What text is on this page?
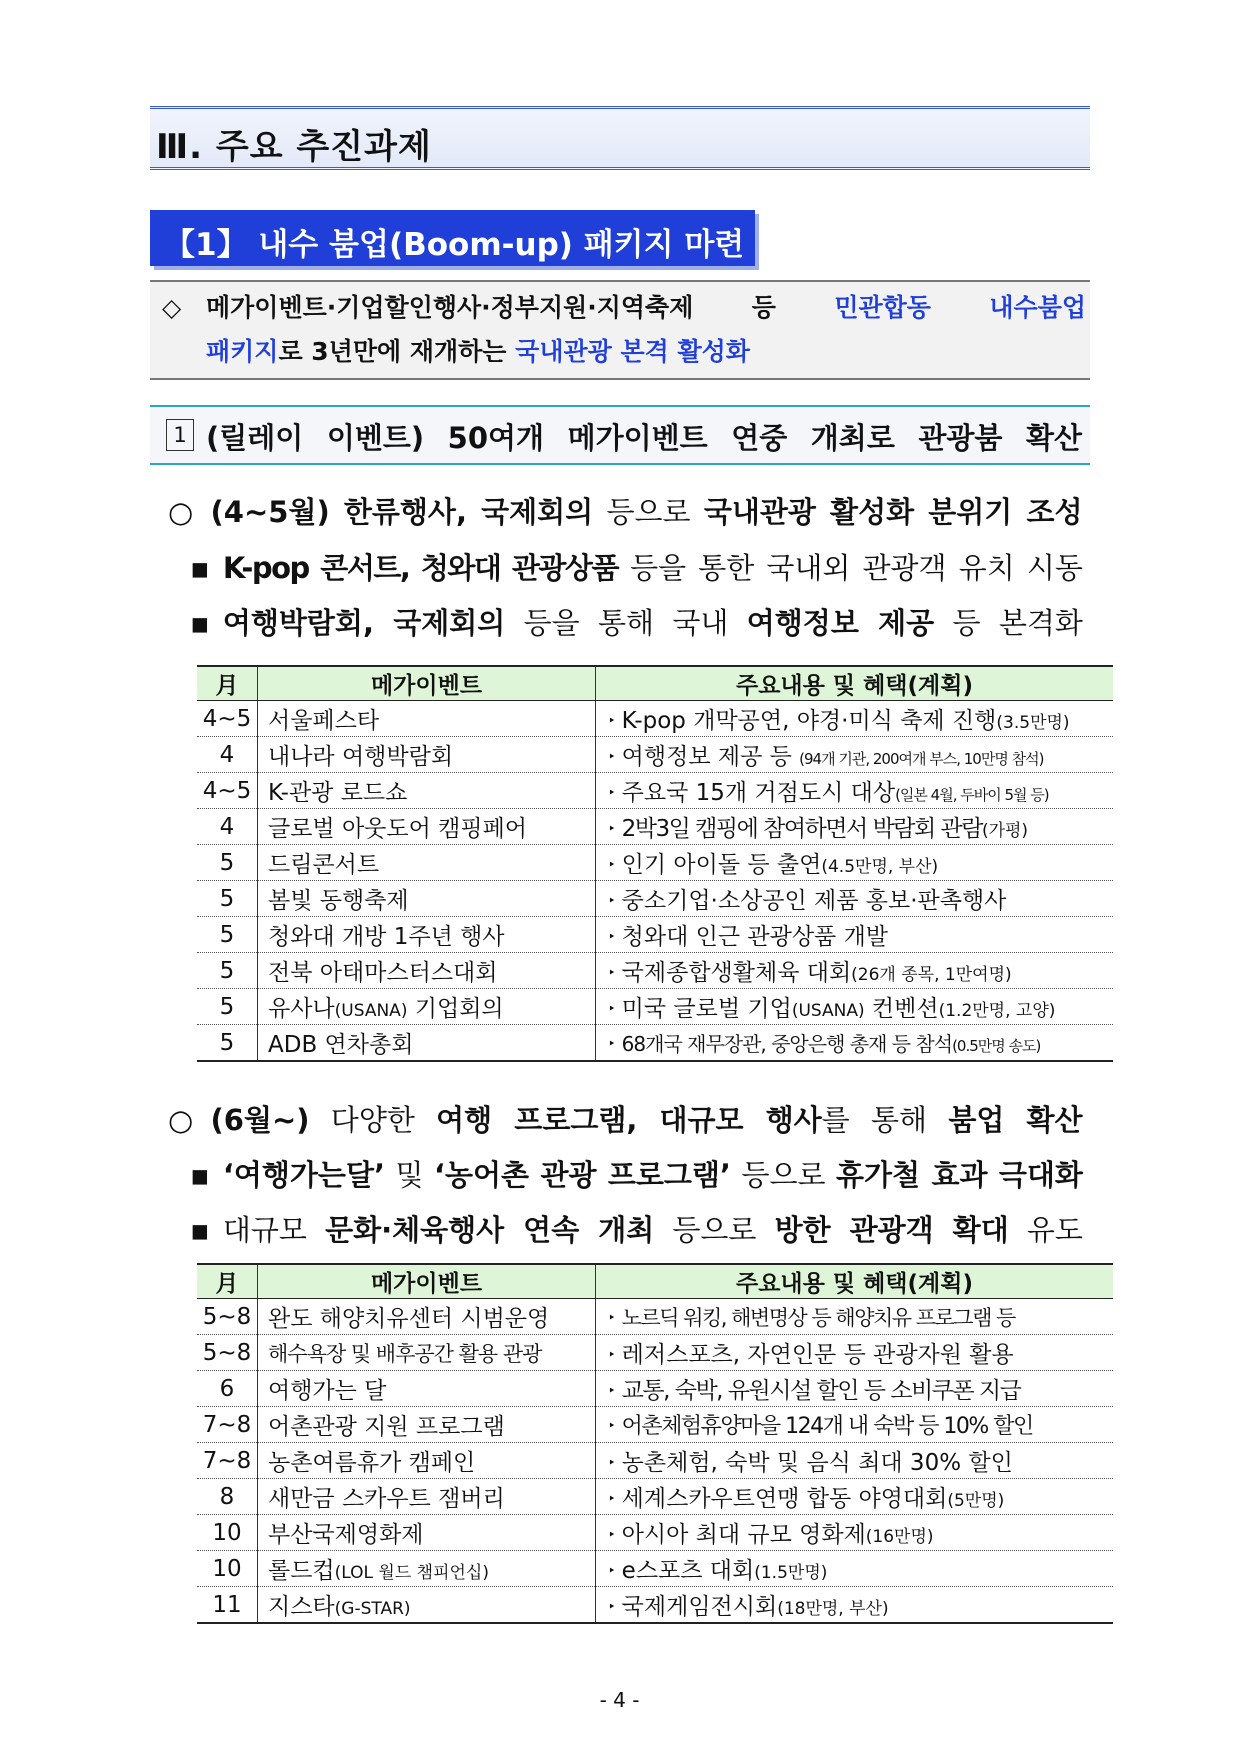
Ⅲ. 주요 추진과제
【1】 내수 붐업(Boom-up) 패키지 마련
◇ 메가이벤트·기업할인행사·정부지원·지역축제 등 민관합동 내수붐업
패키지로 3년만에 재개하는 국내관광 본격 활성화
1 (릴레이 이벤트) 50여개 메가이벤트 연중 개최로 관광붐 확산
○ (4~5월) 한류행사, 국제회의 등으로 국내관광 활성화 분위기 조성
▪ K-pop 콘서트, 청와대 관광상품 등을 통한 국내외 관광객 유치 시동
▪ 여행박람회, 국제회의 등을 통해 국내 여행정보 제공 등 본격화
月	메가이벤트	주요내용 및 혜택(계획)
4~5	서울페스타	‣ K-pop 개막공연, 야경·미식 축제 진행(3.5만명)
4	내나라 여행박람회	‣ 여행정보 제공 등 (94개 기관, 200여개 부스, 10만명 참석)
4~5	K-관광 로드쇼	‣ 주요국 15개 거점도시 대상(일본 4월, 두바이 5월 등)
4	글로벌 아웃도어 캠핑페어	‣ 2박3일 캠핑에 참여하면서 박람회 관람(가평)
5	드림콘서트	‣ 인기 아이돌 등 출연(4.5만명, 부산)
5	봄빛 동행축제	‣ 중소기업·소상공인 제품 홍보·판촉행사
5	청와대 개방 1주년 행사	‣ 청와대 인근 관광상품 개발
5	전북 아태마스터스대회	‣ 국제종합생활체육 대회(26개 종목, 1만여명)
5	유사나(USANA) 기업회의	‣ 미국 글로벌 기업(USANA) 컨벤션(1.2만명, 고양)
5	ADB 연차총회	‣ 68개국 재무장관, 중앙은행 총재 등 참석(0.5만명 송도)
○ (6월~) 다양한 여행 프로그램, 대규모 행사를 통해 붐업 확산
▪ ‘여행가는달’ 및 ‘농어촌 관광 프로그램’ 등으로 휴가철 효과 극대화
▪ 대규모 문화·체육행사 연속 개최 등으로 방한 관광객 확대 유도
月	메가이벤트	주요내용 및 혜택(계획)
5~8	완도 해양치유센터 시범운영	‣ 노르딕 워킹, 해변명상 등 해양치유 프로그램 등
5~8	해수욕장 및 배후공간 활용 관광	‣ 레저스포츠, 자연인문 등 관광자원 활용
6	여행가는 달	‣ 교통, 숙박, 유원시설 할인 등 소비쿠폰 지급
7~8	어촌관광 지원 프로그램	‣ 어촌체험휴양마을 124개 내 숙박 등 10% 할인
7~8	농촌여름휴가 캠페인	‣ 농촌체험, 숙박 및 음식 최대 30% 할인
8	새만금 스카우트 잼버리	‣ 세계스카우트연맹 합동 야영대회(5만명)
10	부산국제영화제	‣ 아시아 최대 규모 영화제(16만명)
10	롤드컵(LOL 월드 챔피언십)	‣ e스포츠 대회(1.5만명)
11	지스타(G-STAR)	‣ 국제게임전시회(18만명, 부산)
- 4 -
